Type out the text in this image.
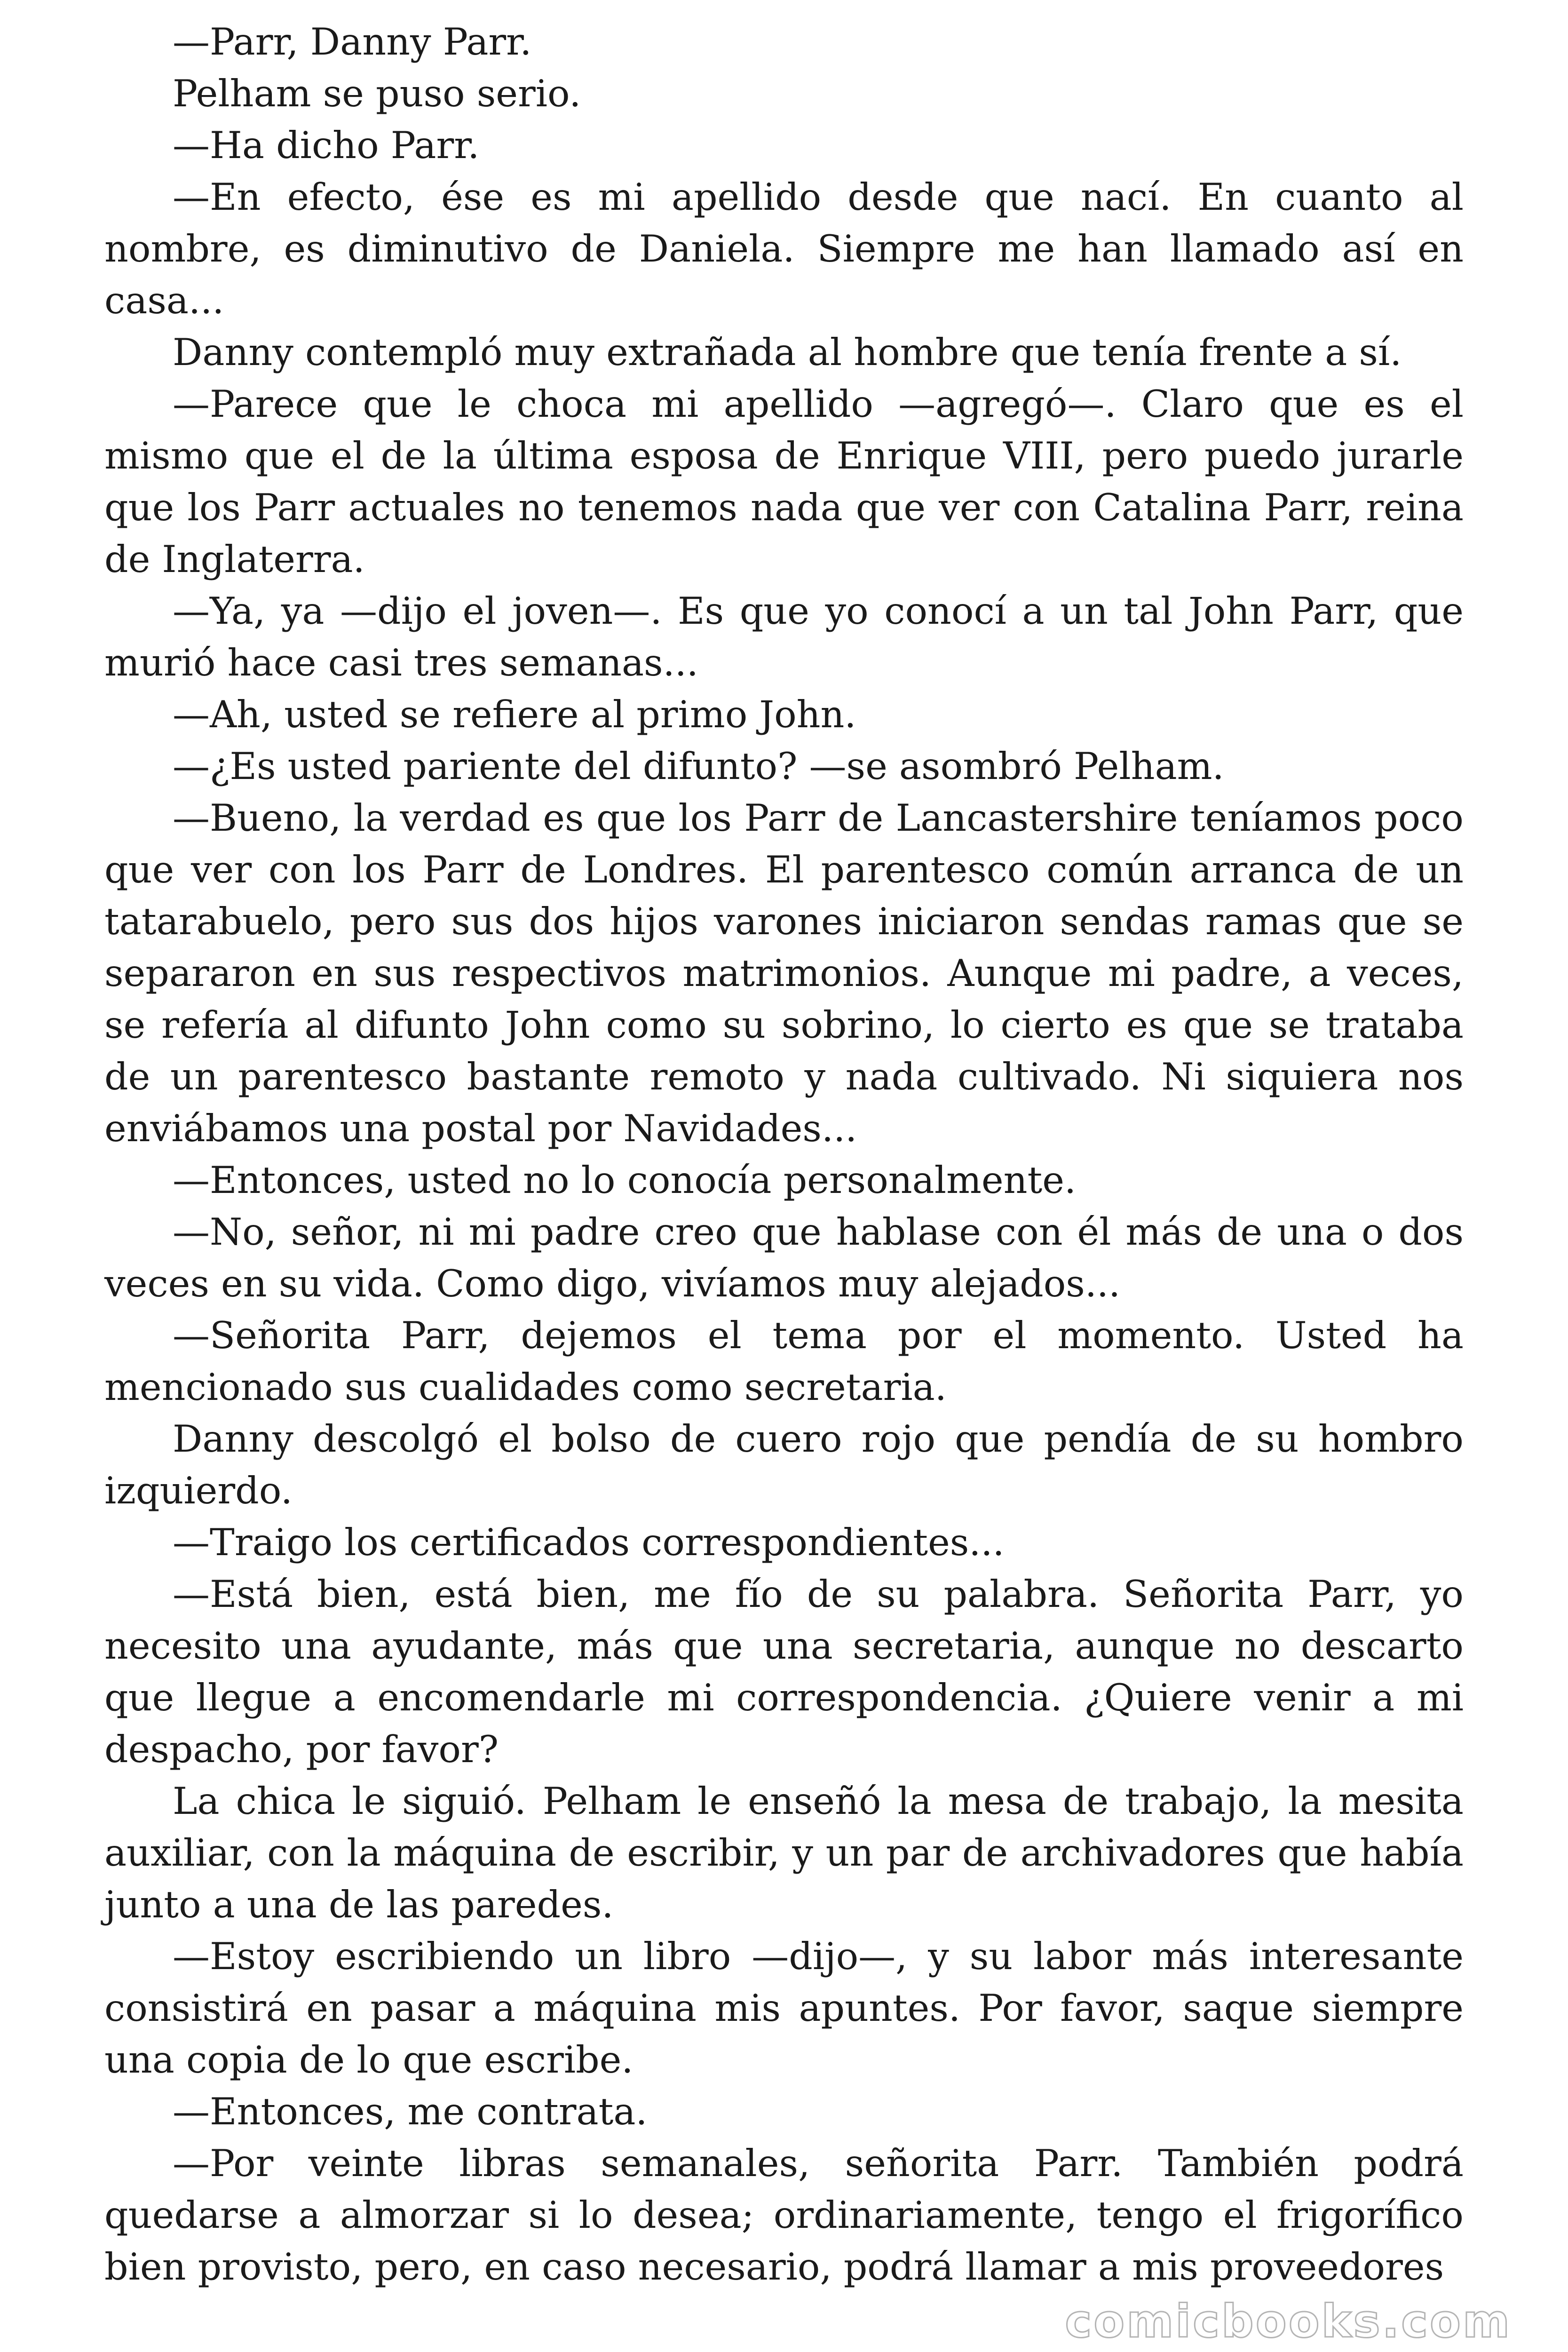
—Parr, Danny Parr.

Pelham se puso serio.

—Ha dicho Parr.

—En efecto, ése es mi apellido desde que nací. En cuanto al nombre, es diminutivo de Daniela. Siempre me han llamado así en casa...

Danny contempló muy extrañada al hombre que tenía frente a sí.

—Parece que le choca mi apellido —agregó—. Claro que es el mismo que el de la última esposa de Enrique VIII, pero puedo jurarle que los Parr actuales no tenemos nada que ver con Catalina Parr, reina de Inglaterra.

—Ya, ya —dijo el joven—. Es que yo conocí a un tal John Parr, que murió hace casi tres semanas...

—Ah, usted se refiere al primo John.

—¿Es usted pariente del difunto? —se asombró Pelham.

—Bueno, la verdad es que los Parr de Lancastershire teníamos poco que ver con los Parr de Londres. El parentesco común arranca de un tatarabuelo, pero sus dos hijos varones iniciaron sendas ramas que se separaron en sus respectivos matrimonios. Aunque mi padre, a veces, se refería al difunto John como su sobrino, lo cierto es que se trataba de un parentesco bastante remoto y nada cultivado. Ni siquiera nos enviábamos una postal por Navidades...

—Entonces, usted no lo conocía personalmente.

—No, señor, ni mi padre creo que hablase con él más de una o dos veces en su vida. Como digo, vivíamos muy alejados...

—Señorita Parr, dejemos el tema por el momento. Usted ha mencionado sus cualidades como secretaria.

Danny descolgó el bolso de cuero rojo que pendía de su hombro izquierdo.

—Traigo los certificados correspondientes...

—Está bien, está bien, me fío de su palabra. Señorita Parr, yo necesito una ayudante, más que una secretaria, aunque no descarto que llegue a encomendarle mi correspondencia. ¿Quiere venir a mi despacho, por favor?

La chica le siguió. Pelham le enseñó la mesa de trabajo, la mesita auxiliar, con la máquina de escribir, y un par de archivadores que había junto a una de las paredes.

—Estoy escribiendo un libro —dijo—, y su labor más interesante consistirá en pasar a máquina mis apuntes. Por favor, saque siempre una copia de lo que escribe.

—Entonces, me contrata.

—Por veinte libras semanales, señorita Parr. También podrá quedarse a almorzar si lo desea; ordinariamente, tengo el frigorífico bien provisto, pero, en caso necesario, podrá llamar a mis proveedores

comicbooks.com
